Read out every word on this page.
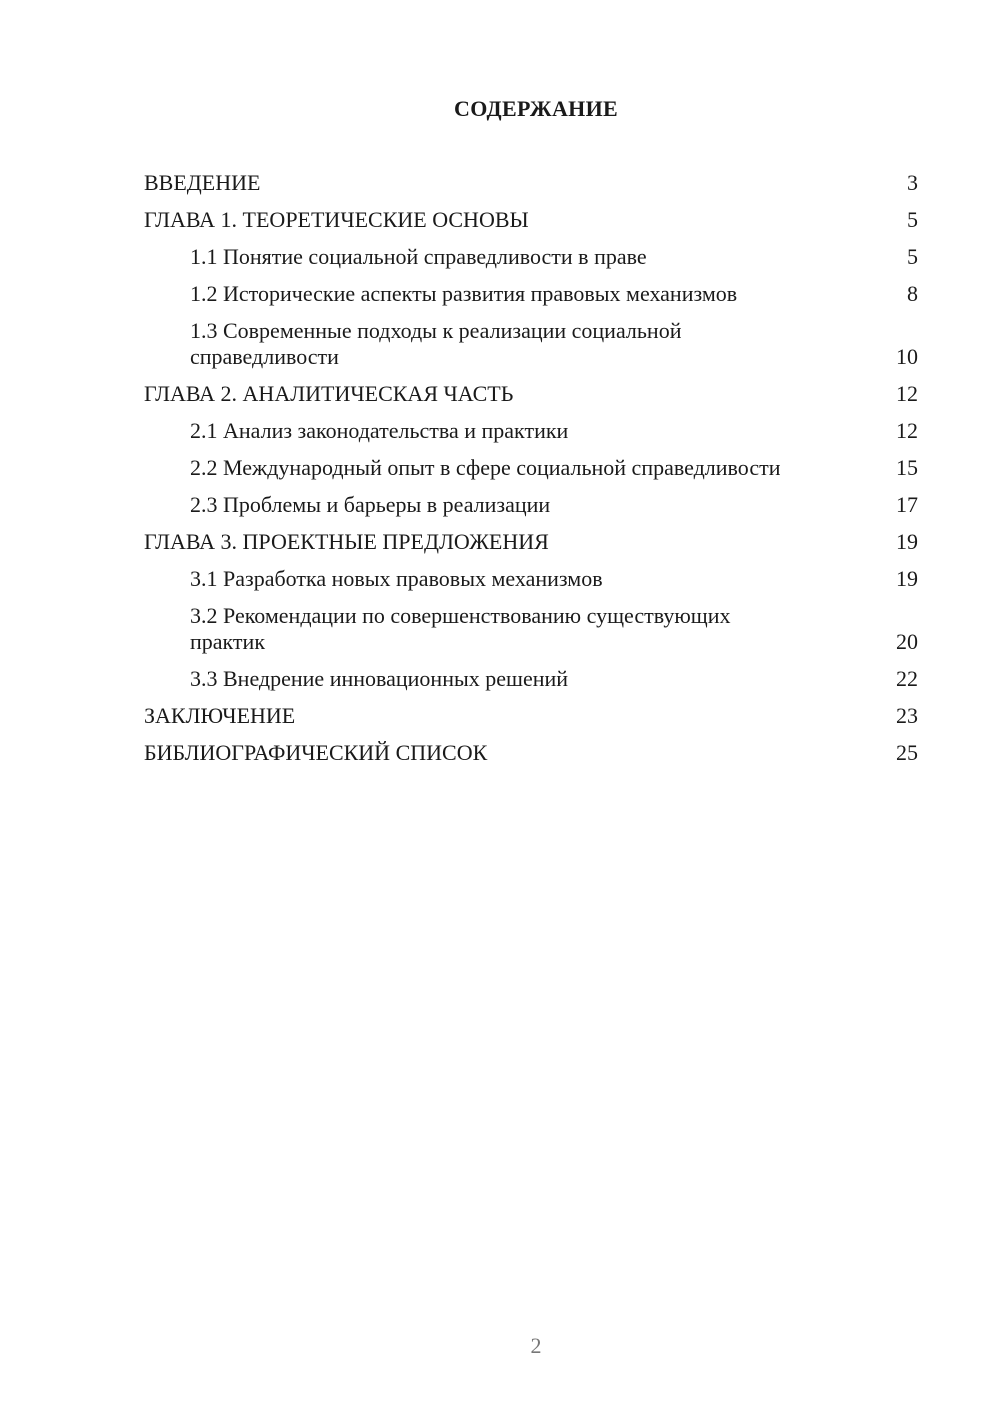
СОДЕРЖАНИЕ
ВВЕДЕНИЕ	3
ГЛАВА 1. ТЕОРЕТИЧЕСКИЕ ОСНОВЫ	5
1.1 Понятие социальной справедливости в праве	5
1.2 Исторические аспекты развития правовых механизмов	8
1.3 Современные подходы к реализации социальной справедливости	10
ГЛАВА 2. АНАЛИТИЧЕСКАЯ ЧАСТЬ	12
2.1 Анализ законодательства и практики	12
2.2 Международный опыт в сфере социальной справедливости	15
2.3 Проблемы и барьеры в реализации	17
ГЛАВА 3. ПРОЕКТНЫЕ ПРЕДЛОЖЕНИЯ	19
3.1 Разработка новых правовых механизмов	19
3.2 Рекомендации по совершенствованию существующих практик	20
3.3 Внедрение инновационных решений	22
ЗАКЛЮЧЕНИЕ	23
БИБЛИОГРАФИЧЕСКИЙ СПИСОК	25
2
